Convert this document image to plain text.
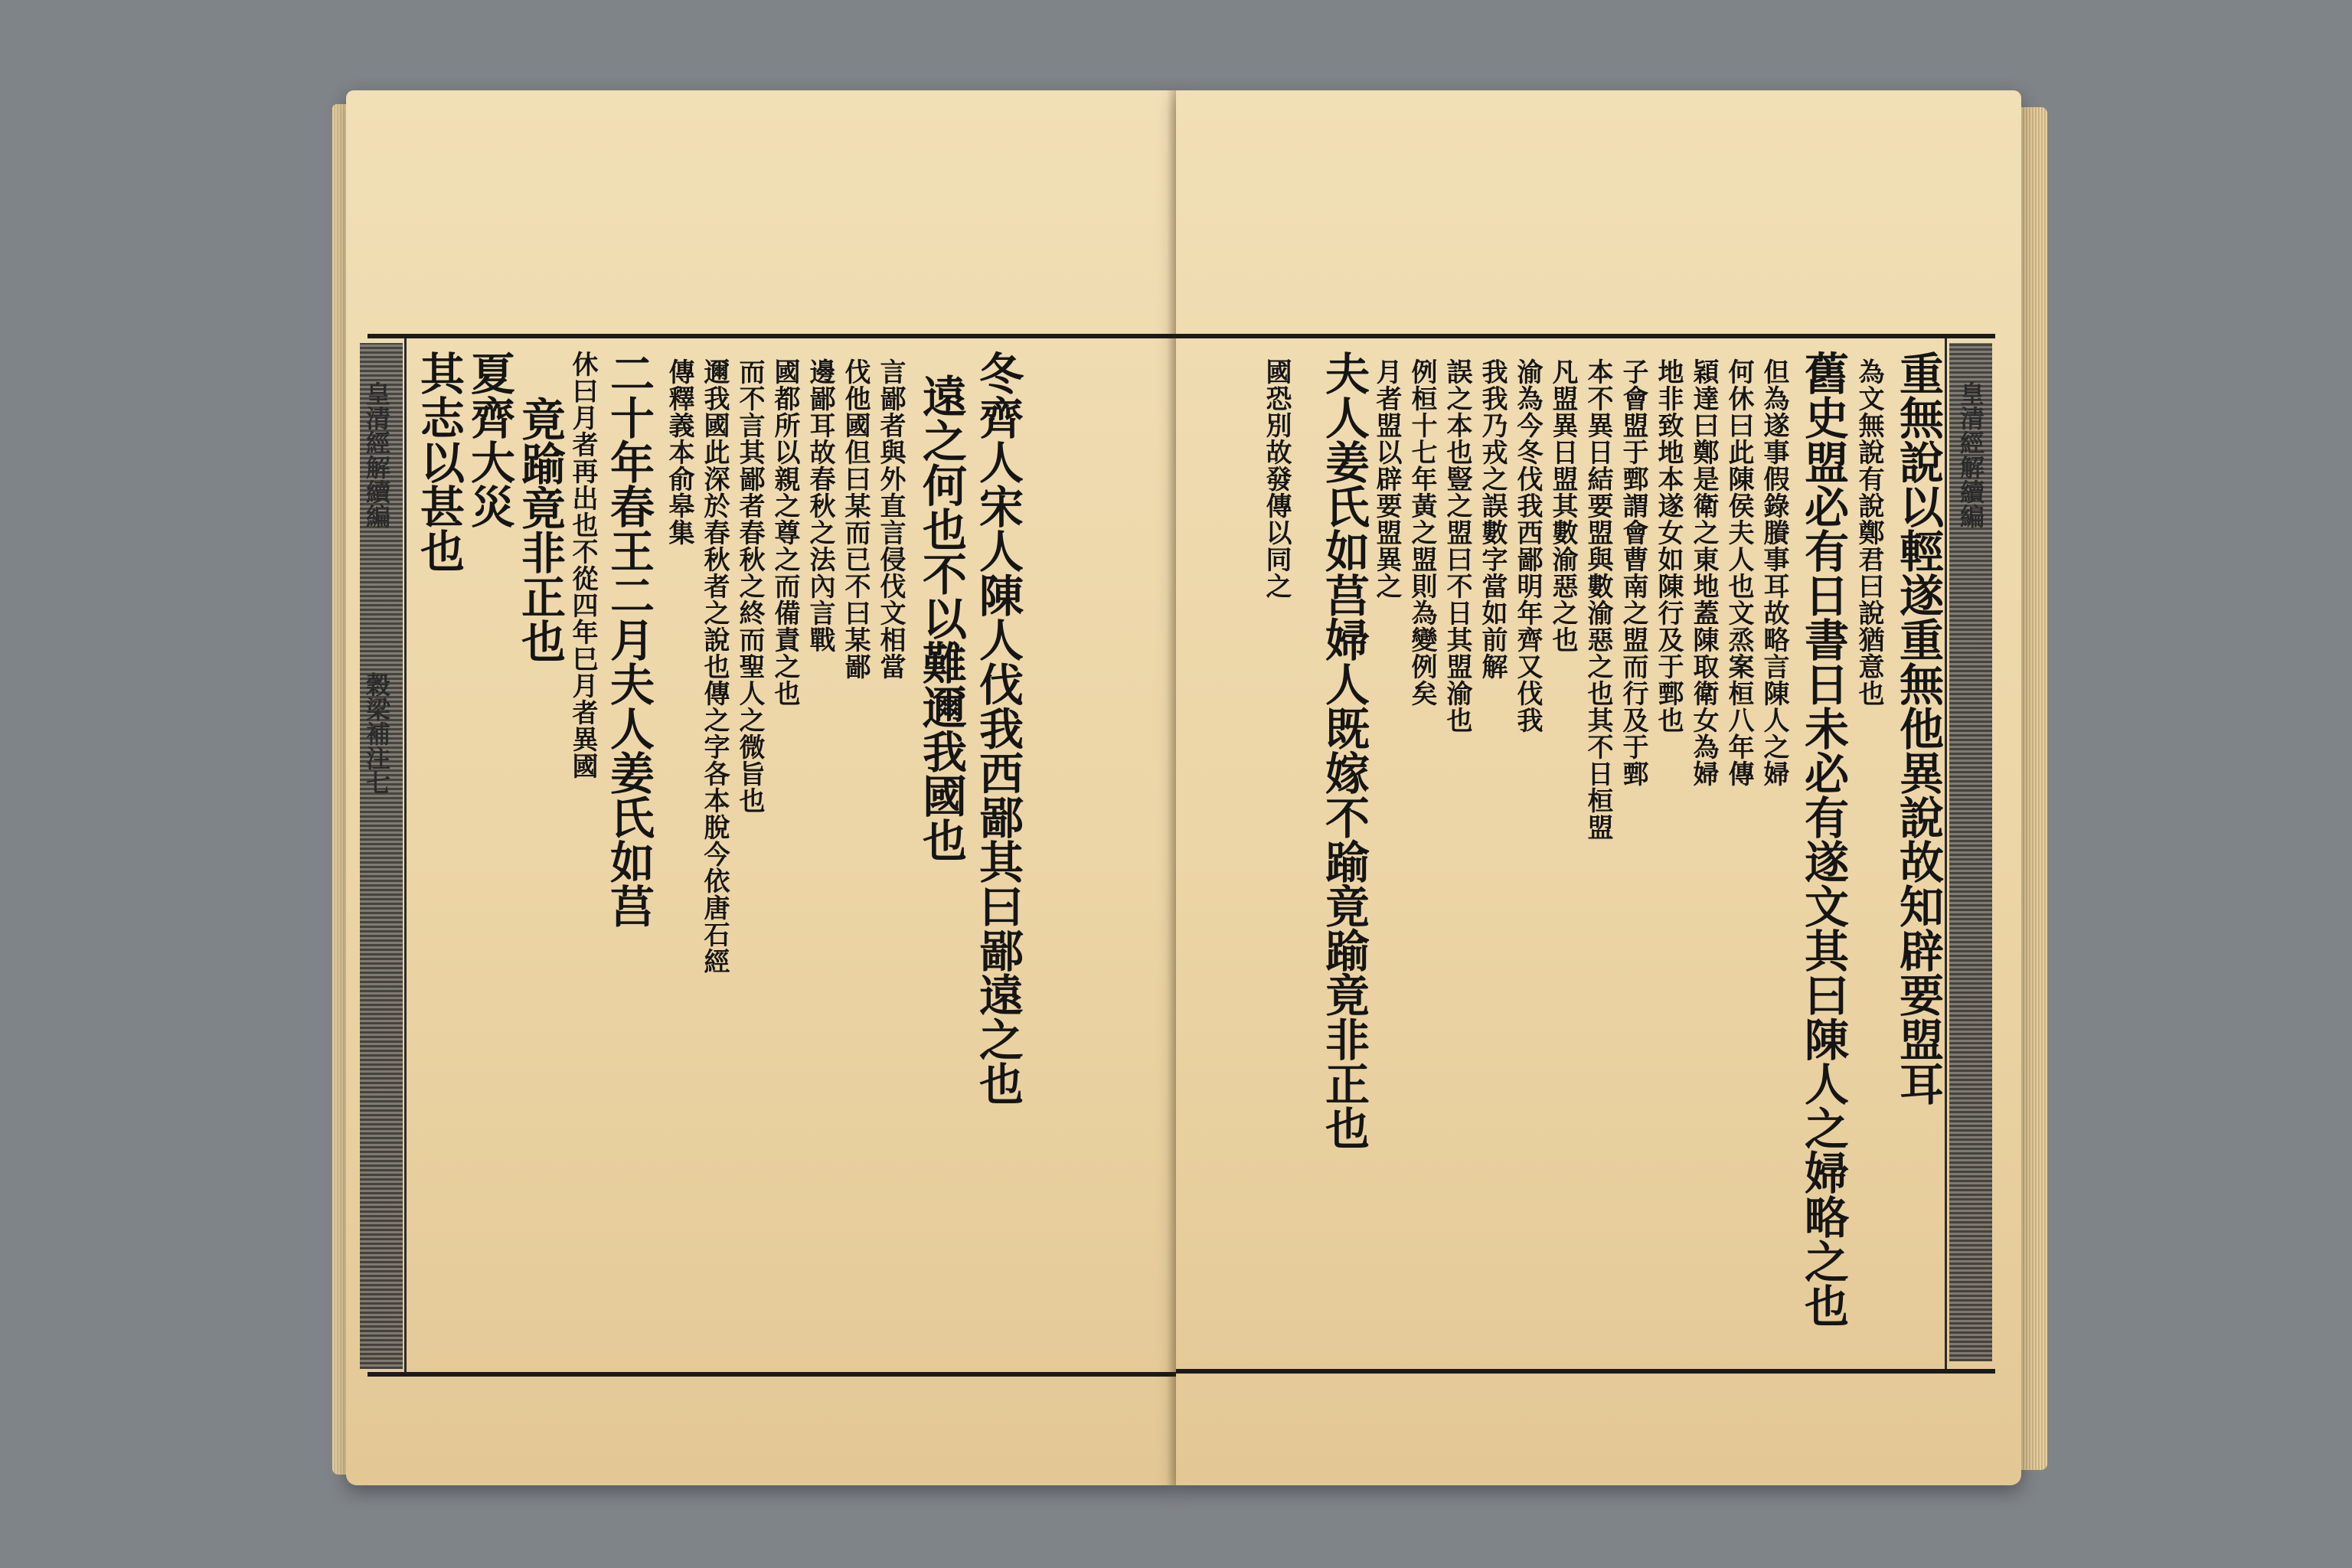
皇清經解續編
穀梁補注七
其志以甚也
夏齊大災
竟踰竟非正也 休曰月者再出也不從四年巳月者異國 二十年春王二月夫人姜氏如莒 傳釋義本俞皋集 邇我國此深於春秋者之說也傳之字各本脫今依唐石經 而不言其鄙者春秋之終而聖人之微旨也 國都所以親之尊之而備責之也 邊鄙耳故春秋之法內言戰 伐他國但曰某而已不曰某鄙 言鄙者與外直言侵伐文相當 遠之何也不以難邇我國也 冬齊人宋人陳人伐我西鄙其曰鄙遠之也	皇清經解續編
國恐別故發傳以同之 夫人姜氏如莒婦人既嫁不踰竟踰竟非正也 月者盟以辟要盟異之 例桓十七年黃之盟則為變例矣 誤之本也豎之盟曰不日其盟渝也 我我乃戎之誤數字當如前解 渝為今冬伐我西鄙明年齊又伐我 凡盟異日盟其數渝惡之也 本不異日結要盟與數渝惡之也其不日桓盟 子會盟于鄄謂會曹南之盟而行及于鄄 地非致地本遂女如陳行及于鄄也 穎達曰鄭是衛之東地蓋陳取衛女為婦 何休曰此陳侯夫人也文烝案桓八年傳 但為遂事假錄賸事耳故略言陳人之婦 舊史盟必有日書日未必有遂文其曰陳人之婦略之也 為文無說有說鄭君曰說猶意也 重無說以輕遂重無他異說故知辟要盟耳
